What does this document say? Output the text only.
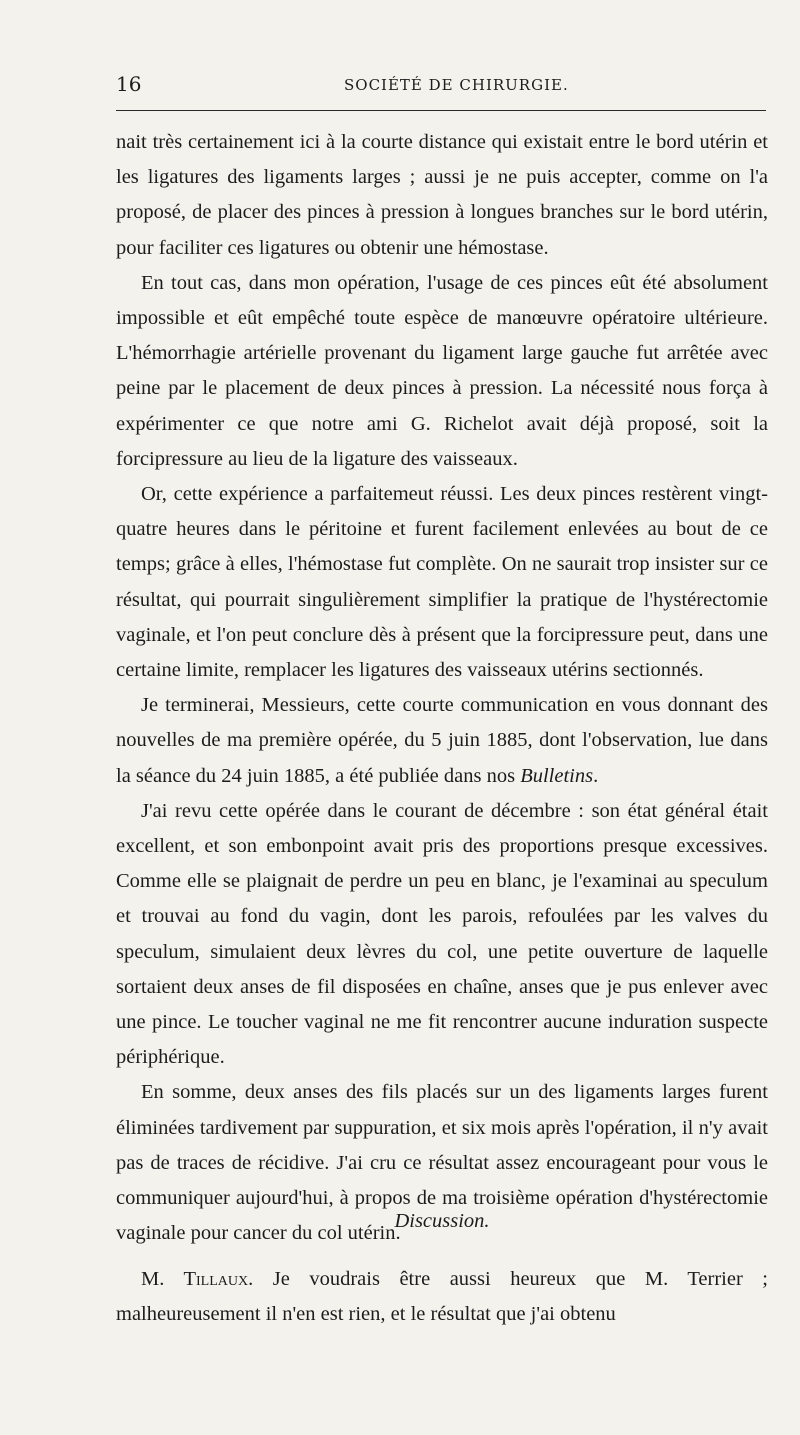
16	SOCIÉTÉ DE CHIRURGIE.

nait très certainement ici à la courte distance qui existait entre le bord utérin et les ligatures des ligaments larges ; aussi je ne puis accepter, comme on l'a proposé, de placer des pinces à pression à longues branches sur le bord utérin, pour faciliter ces ligatures ou obtenir une hémostase.

En tout cas, dans mon opération, l'usage de ces pinces eût été absolument impossible et eût empêché toute espèce de manœuvre opératoire ultérieure. L'hémorrhagie artérielle provenant du ligament large gauche fut arrêtée avec peine par le placement de deux pinces à pression. La nécessité nous força à expérimenter ce que notre ami G. Richelot avait déjà proposé, soit la forcipressure au lieu de la ligature des vaisseaux.

Or, cette expérience a parfaitemeut réussi. Les deux pinces restèrent vingt-quatre heures dans le péritoine et furent facilement enlevées au bout de ce temps; grâce à elles, l'hémostase fut complète. On ne saurait trop insister sur ce résultat, qui pourrait singulièrement simplifier la pratique de l'hystérectomie vaginale, et l'on peut conclure dès à présent que la forcipressure peut, dans une certaine limite, remplacer les ligatures des vaisseaux utérins sectionnés.

Je terminerai, Messieurs, cette courte communication en vous donnant des nouvelles de ma première opérée, du 5 juin 1885, dont l'observation, lue dans la séance du 24 juin 1885, a été publiée dans nos Bulletins.

J'ai revu cette opérée dans le courant de décembre : son état général était excellent, et son embonpoint avait pris des proportions presque excessives. Comme elle se plaignait de perdre un peu en blanc, je l'examinai au speculum et trouvai au fond du vagin, dont les parois, refoulées par les valves du speculum, simulaient deux lèvres du col, une petite ouverture de laquelle sortaient deux anses de fil disposées en chaîne, anses que je pus enlever avec une pince. Le toucher vaginal ne me fit rencontrer aucune induration suspecte périphérique.

En somme, deux anses des fils placés sur un des ligaments larges furent éliminées tardivement par suppuration, et six mois après l'opération, il n'y avait pas de traces de récidive. J'ai cru ce résultat assez encourageant pour vous le communiquer aujourd'hui, à propos de ma troisième opération d'hystérectomie vaginale pour cancer du col utérin.

Discussion.

M. Tillaux. Je voudrais être aussi heureux que M. Terrier ; malheureusement il n'en est rien, et le résultat que j'ai obtenu
